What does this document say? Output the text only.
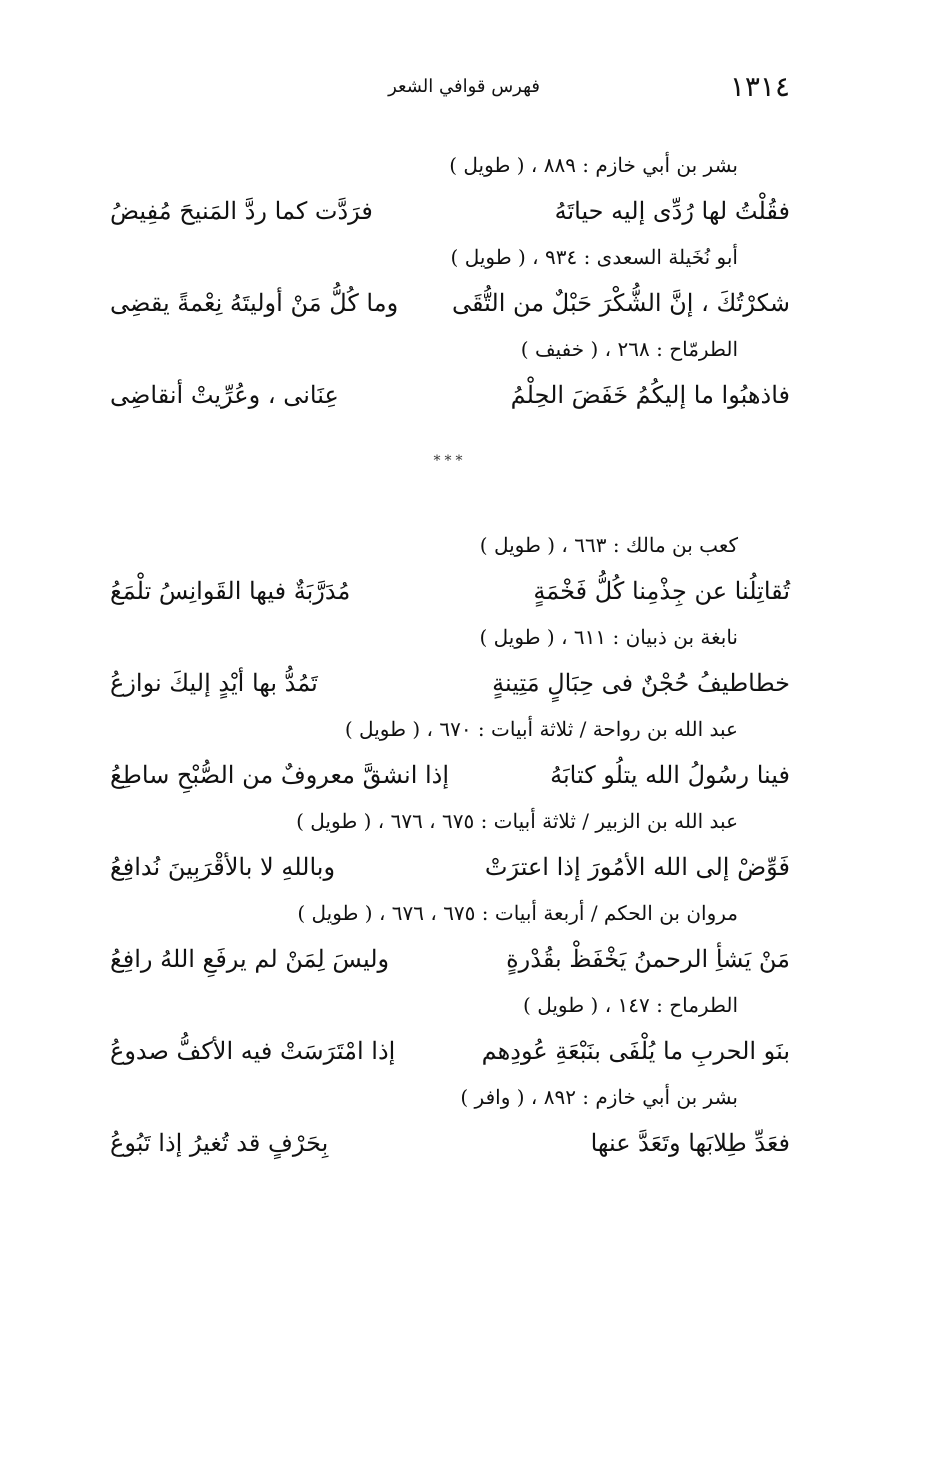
١٣١٤
فهرس قوافي الشعر
بشر بن أبي خازم : ٨٨٩ ، ( طويل )
فقُلْتُ لها رُدِّى إليه حياتَهُ
فرَدَّت كما ردَّ المَنيحَ مُفِيضُ
أبو نُخَيلة السعدى : ٩٣٤ ، ( طويل )
شكرْتُكَ ، إنَّ الشُّكْرَ حَبْلٌ من التُّقَى
وما كُلُّ مَنْ أوليتَهُ نِعْمةً يقضِى
الطرمّاح : ٢٦٨ ، ( خفيف )
فاذهبُوا ما إليكُمُ خَفَضَ الحِلْمُ
عِنَانى ، وعُرِّيتْ أنقاضِى
***
كعب بن مالك : ٦٦٣ ، ( طويل )
تُقاتِلُنا عن جِذْمِنا كُلُّ فَخْمَةٍ
مُدَرَّبَةٌ فيها القَوانِسُ تلْمَعُ
نابغة بن ذبيان : ٦١١ ، ( طويل )
خطاطيفُ حُجْنٌ فى حِبَالٍ مَتِينةٍ
تَمُدُّ بها أيْدٍ إليكَ نوازعُ
عبد الله بن رواحة / ثلاثة أبيات : ٦٧٠ ، ( طويل )
فينا رسُولُ الله يتلُو كتابَهُ
إذا انشقَّ معروفٌ من الصُّبْحِ ساطِعُ
عبد الله بن الزبير / ثلاثة أبيات : ٦٧٥ ، ٦٧٦ ، ( طويل )
فَوِّضْ إلى الله الأمُورَ إذا اعترَتْ
وباللهِ لا بالأقْرَبِينَ نُدافِعُ
مروان بن الحكم / أربعة أبيات : ٦٧٥ ، ٦٧٦ ، ( طويل )
مَنْ يَشأِ الرحمنُ يَخْفَظْ بقُدْرةٍ
وليسَ لِمَنْ لم يرفَعِ اللهُ رافِعُ
الطرماح : ١٤٧ ، ( طويل )
بنَو الحربِ ما يُلْفَى بنَبْعَةِ عُودِهم
إذا امْتَرَسَتْ فيه الأكفُّ صدوعُ
بشر بن أبي خازم : ٨٩٢ ، ( وافر )
فعَدِّ طِلابَها وتَعَدَّ عنها
بِحَرْفٍ قد تُغيرُ إذا تَبُوعُ
